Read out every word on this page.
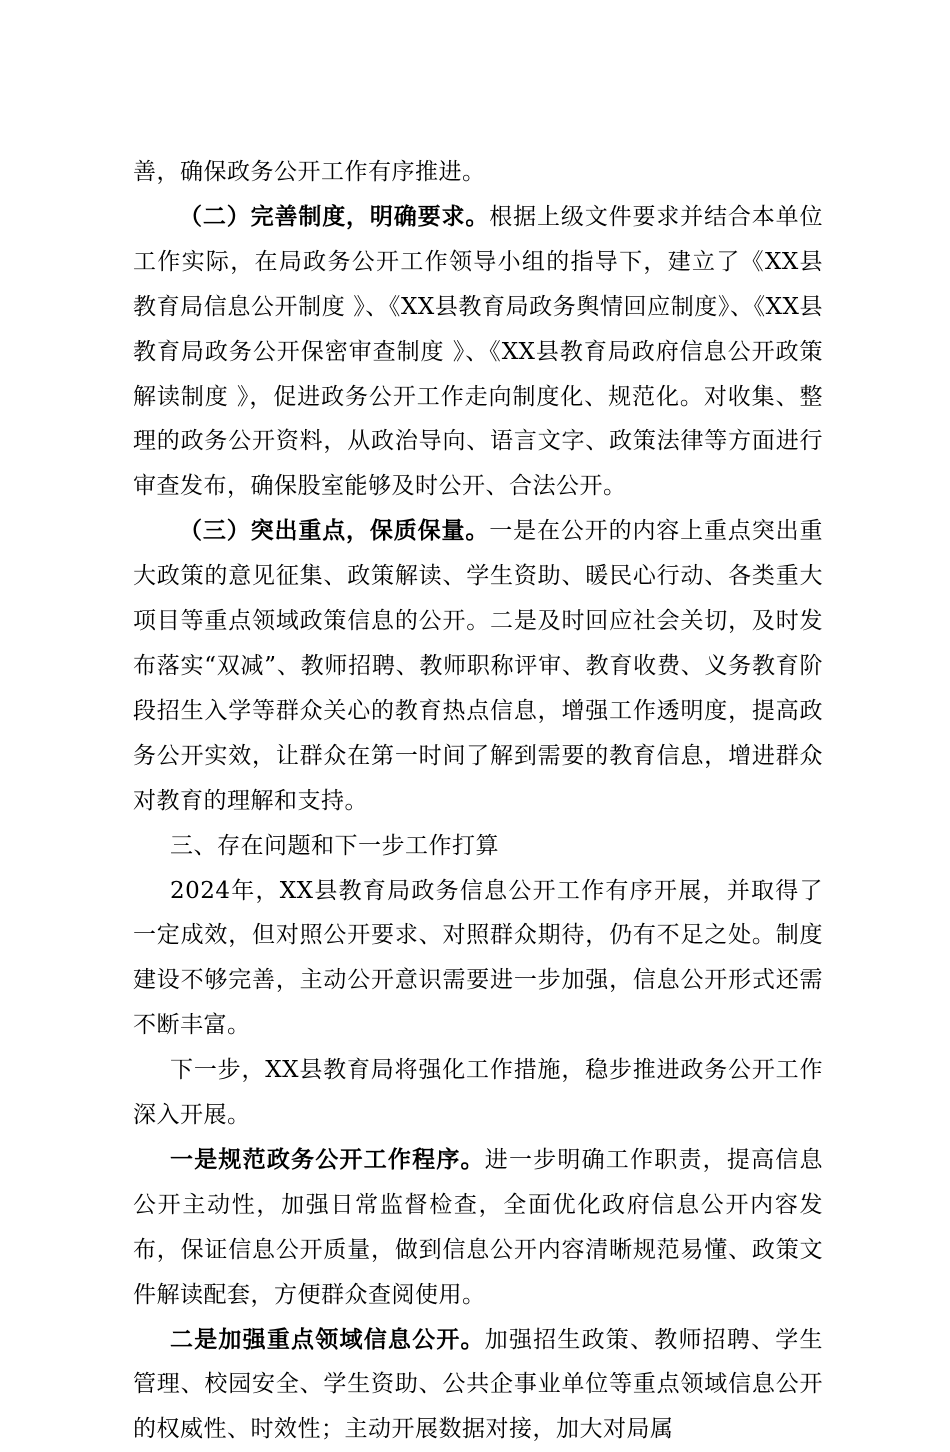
善，确保政务公开工作有序推进。

（二）完善制度，明确要求。根据上级文件要求并结合本单位工作实际，在局政务公开工作领导小组的指导下，建立了《XX县教育局信息公开制度 》、《XX县教育局政务舆情回应制度》、《XX县教育局政务公开保密审查制度 》、《XX县教育局政府信息公开政策解读制度 》，促进政务公开工作走向制度化、规范化。对收集、整理的政务公开资料，从政治导向、语言文字、政策法律等方面进行审查发布，确保股室能够及时公开、合法公开。

（三）突出重点，保质保量。一是在公开的内容上重点突出重大政策的意见征集、政策解读、学生资助、暖民心行动、各类重大项目等重点领域政策信息的公开。二是及时回应社会关切，及时发布落实“双减”、教师招聘、教师职称评审、教育收费、义务教育阶段招生入学等群众关心的教育热点信息，增强工作透明度，提高政务公开实效，让群众在第一时间了解到需要的教育信息，增进群众对教育的理解和支持。

三、存在问题和下一步工作打算

2024年，XX县教育局政务信息公开工作有序开展，并取得了一定成效，但对照公开要求、对照群众期待，仍有不足之处。制度建设不够完善，主动公开意识需要进一步加强，信息公开形式还需不断丰富。

下一步，XX县教育局将强化工作措施，稳步推进政务公开工作深入开展。

一是规范政务公开工作程序。进一步明确工作职责，提高信息公开主动性，加强日常监督检查，全面优化政府信息公开内容发布，保证信息公开质量，做到信息公开内容清晰规范易懂、政策文件解读配套，方便群众查阅使用。

二是加强重点领域信息公开。加强招生政策、教师招聘、学生管理、校园安全、学生资助、公共企事业单位等重点领域信息公开的权威性、时效性；主动开展数据对接，加大对局属
